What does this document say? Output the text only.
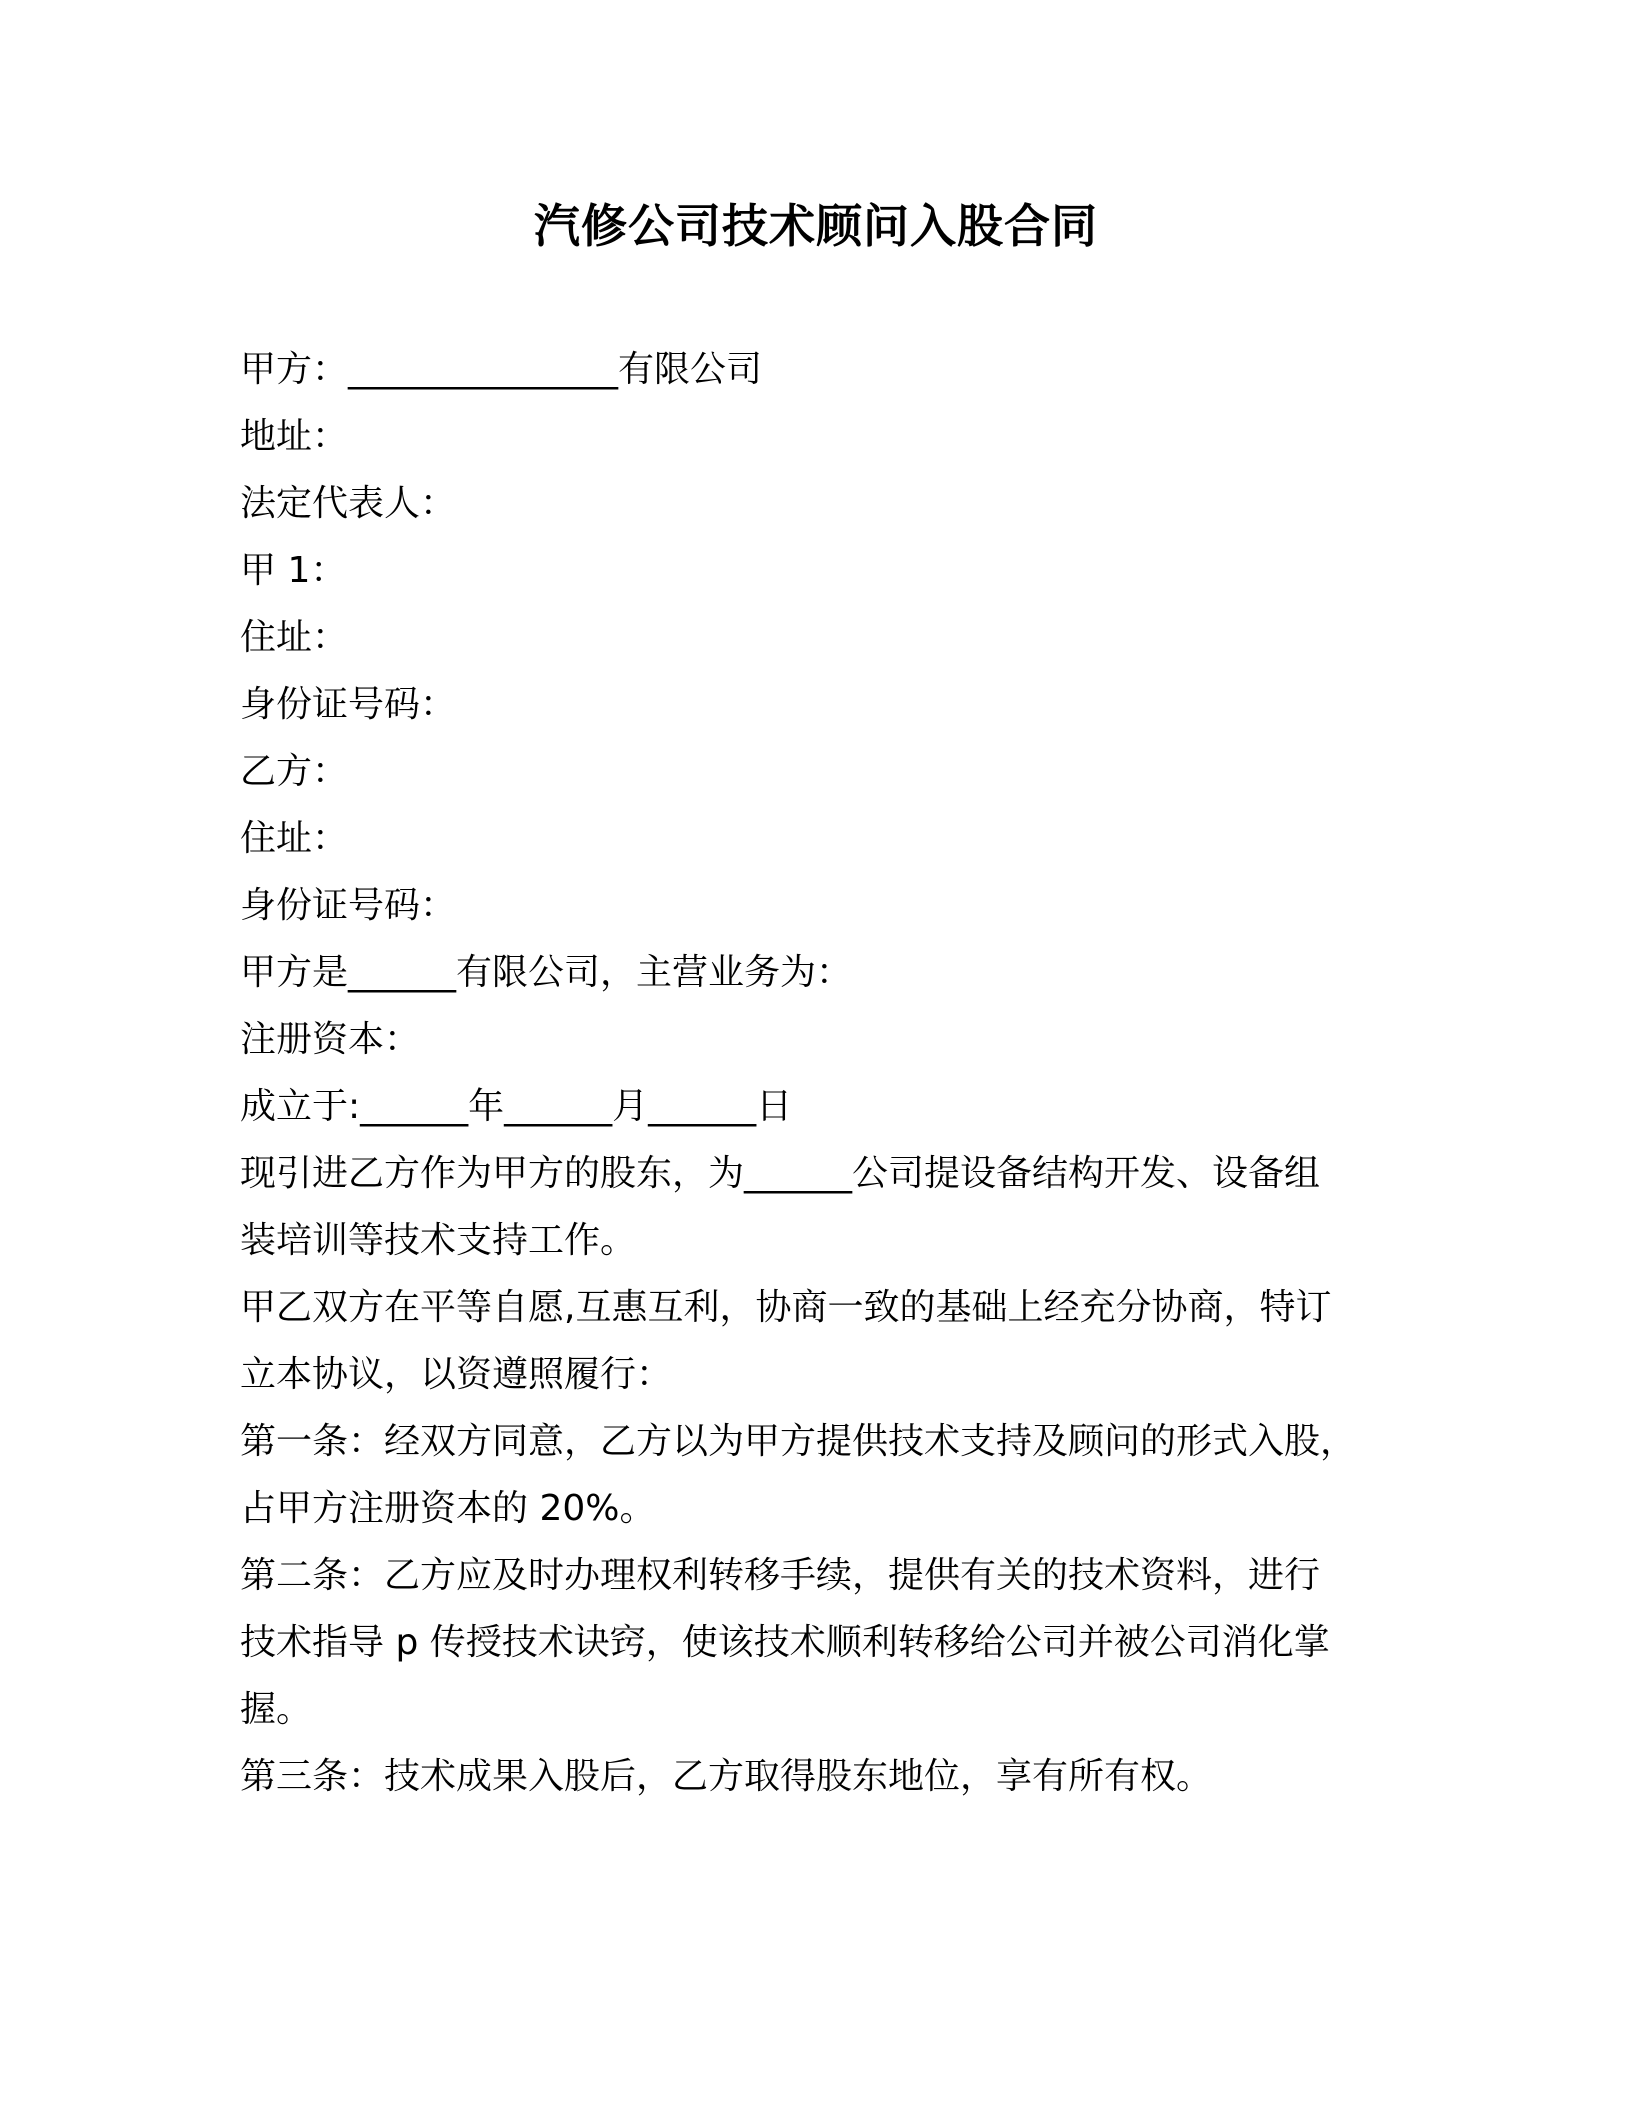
汽修公司技术顾问入股合同

甲方：_______________有限公司

地址：

法定代表人：

甲 1：

住址：

身份证号码：

乙方：

住址：

身份证号码：

甲方是______有限公司，主营业务为：

注册资本：

成立于:______年______月______日

现引进乙方作为甲方的股东，为______公司提设备结构开发、设备组

装培训等技术支持工作。

甲乙双方在平等自愿,互惠互利，协商一致的基础上经充分协商，特订

立本协议，以资遵照履行：

第一条：经双方同意，乙方以为甲方提供技术支持及顾问的形式入股，

占甲方注册资本的 20%。

第二条：乙方应及时办理权利转移手续，提供有关的技术资料，进行

技术指导 p 传授技术诀窍，使该技术顺利转移给公司并被公司消化掌

握。

第三条：技术成果入股后，乙方取得股东地位，享有所有权。
